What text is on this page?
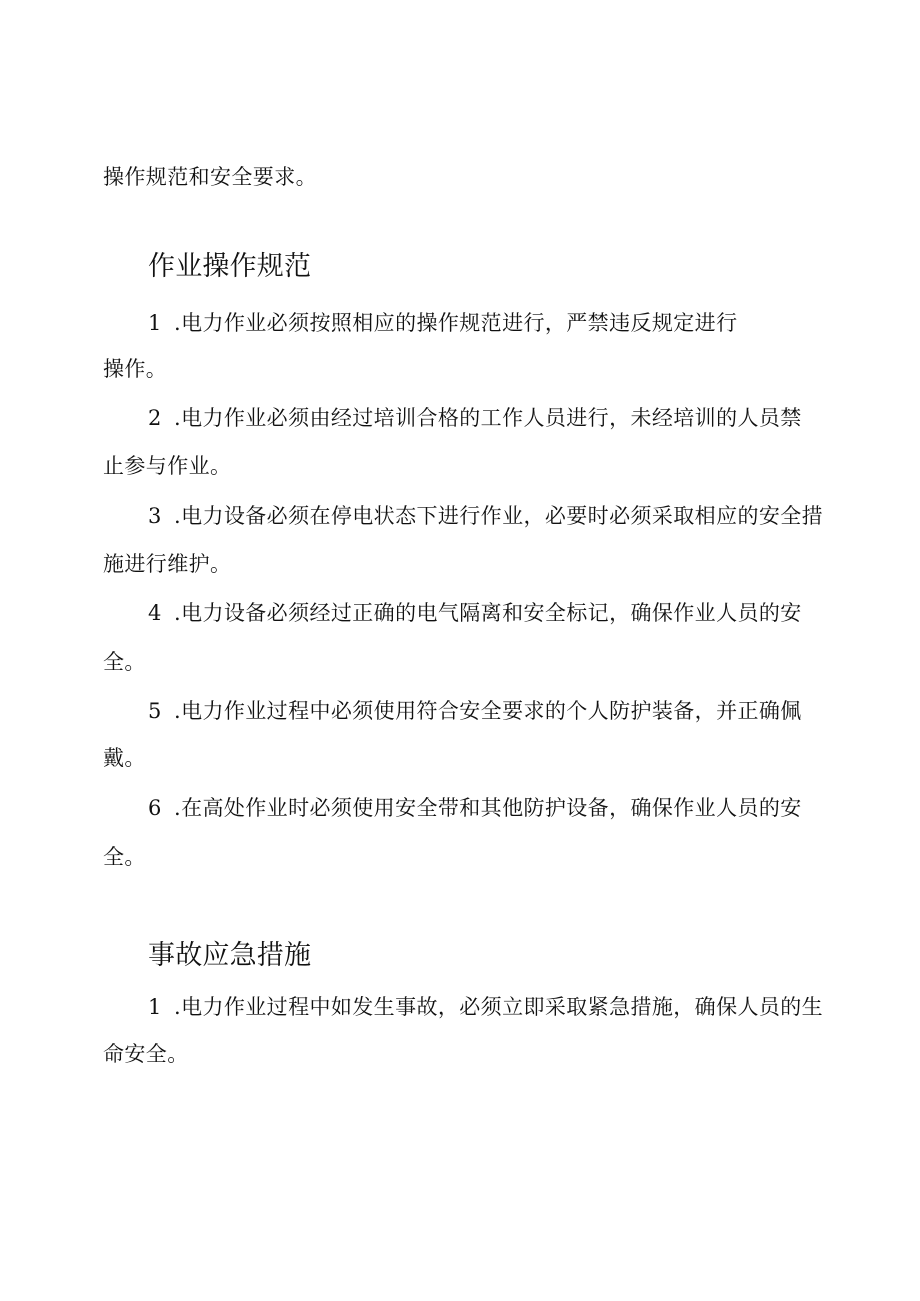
操作规范和安全要求。

作业操作规范

1 .电力作业必须按照相应的操作规范进行，严禁违反规定进行

操作。

2 .电力作业必须由经过培训合格的工作人员进行，未经培训的人员禁

止参与作业。

3 .电力设备必须在停电状态下进行作业，必要时必须采取相应的安全措

施进行维护。

4 .电力设备必须经过正确的电气隔离和安全标记，确保作业人员的安

全。

5 .电力作业过程中必须使用符合安全要求的个人防护装备，并正确佩

戴。

6 .在高处作业时必须使用安全带和其他防护设备，确保作业人员的安

全。

事故应急措施

1 .电力作业过程中如发生事故，必须立即采取紧急措施，确保人员的生

命安全。
